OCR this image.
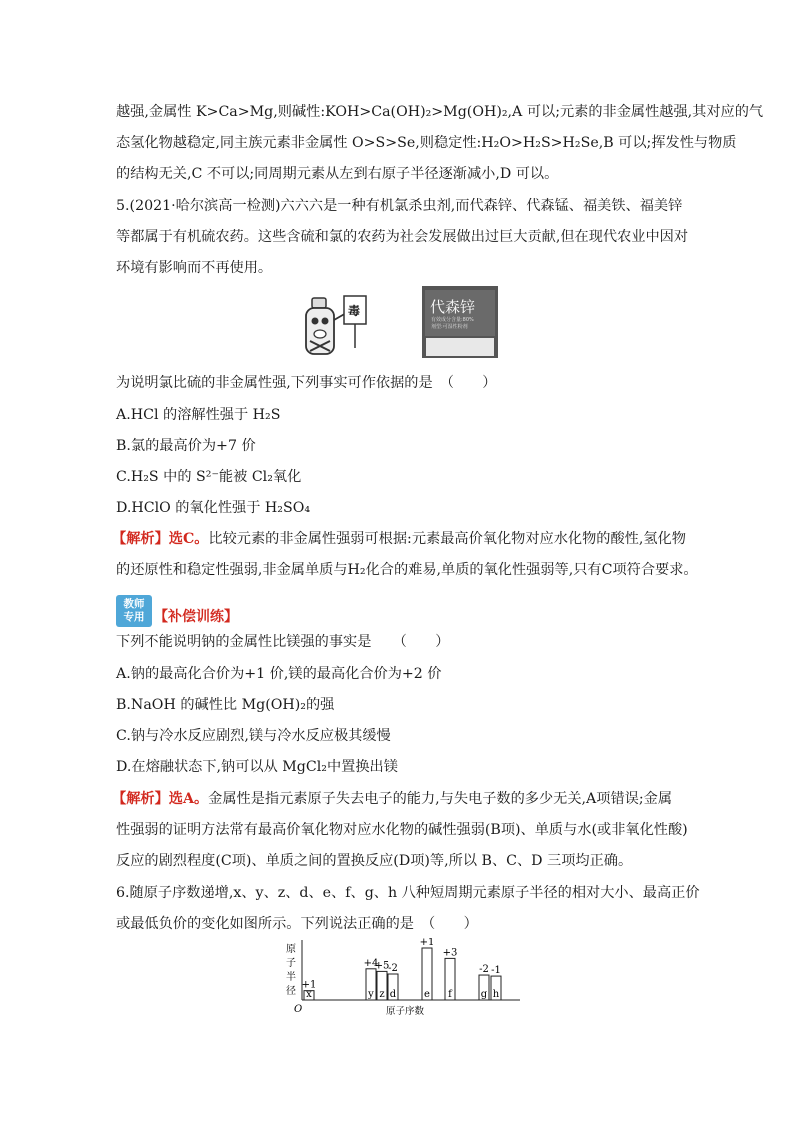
越强,金属性 K>Ca>Mg,则碱性:KOH>Ca(OH)₂>Mg(OH)₂,A 可以;元素的非金属性越强,其对应的气
态氢化物越稳定,同主族元素非金属性 O>S>Se,则稳定性:H₂O>H₂S>H₂Se,B 可以;挥发性与物质
的结构无关,C 不可以;同周期元素从左到右原子半径逐渐减小,D 可以。
5.(2021·哈尔滨高一检测)六六六是一种有机氯杀虫剂,而代森锌、代森锰、福美铁、福美锌
等都属于有机硫农药。这些含硫和氯的农药为社会发展做出过巨大贡献,但在现代农业中因对
环境有影响而不再使用。
毒	代森锌
有效成分含量:80%
剂型:可湿性粉剂
为说明氯比硫的非金属性强,下列事实可作依据的是　（　　）
A.HCl 的溶解性强于 H₂S
B.氯的最高价为+7 价
C.H₂S 中的 S²⁻能被 Cl₂氧化
D.HClO 的氧化性强于 H₂SO₄
【解析】选C。比较元素的非金属性强弱可根据:元素最高价氧化物对应水化物的酸性,氢化物
的还原性和稳定性强弱,非金属单质与H₂化合的难易,单质的氧化性强弱等,只有C项符合要求。
教师
专用 【补偿训练】
下列不能说明钠的金属性比镁强的事实是　　（　　）
A.钠的最高化合价为+1 价,镁的最高化合价为+2 价
B.NaOH 的碱性比 Mg(OH)₂的强
C.钠与冷水反应剧烈,镁与冷水反应极其缓慢
D.在熔融状态下,钠可以从 MgCl₂中置换出镁
【解析】选A。金属性是指元素原子失去电子的能力,与失电子数的多少无关,A项错误;金属
性强弱的证明方法常有最高价氧化物对应水化物的碱性强弱(B项)、单质与水(或非氧化性酸)
反应的剧烈程度(C项)、单质之间的置换反应(D项)等,所以 B、C、D 三项均正确。
6.随原子序数递增,x、y、z、d、e、f、g、h 八种短周期元素原子半径的相对大小、最高正价
或最低负价的变化如图所示。下列说法正确的是　（　　）
原
子
半
径
O	原子序数
x
+1
y
+4
z
+5
d
-2
e
+1
f
+3
g
-2
h
-1
